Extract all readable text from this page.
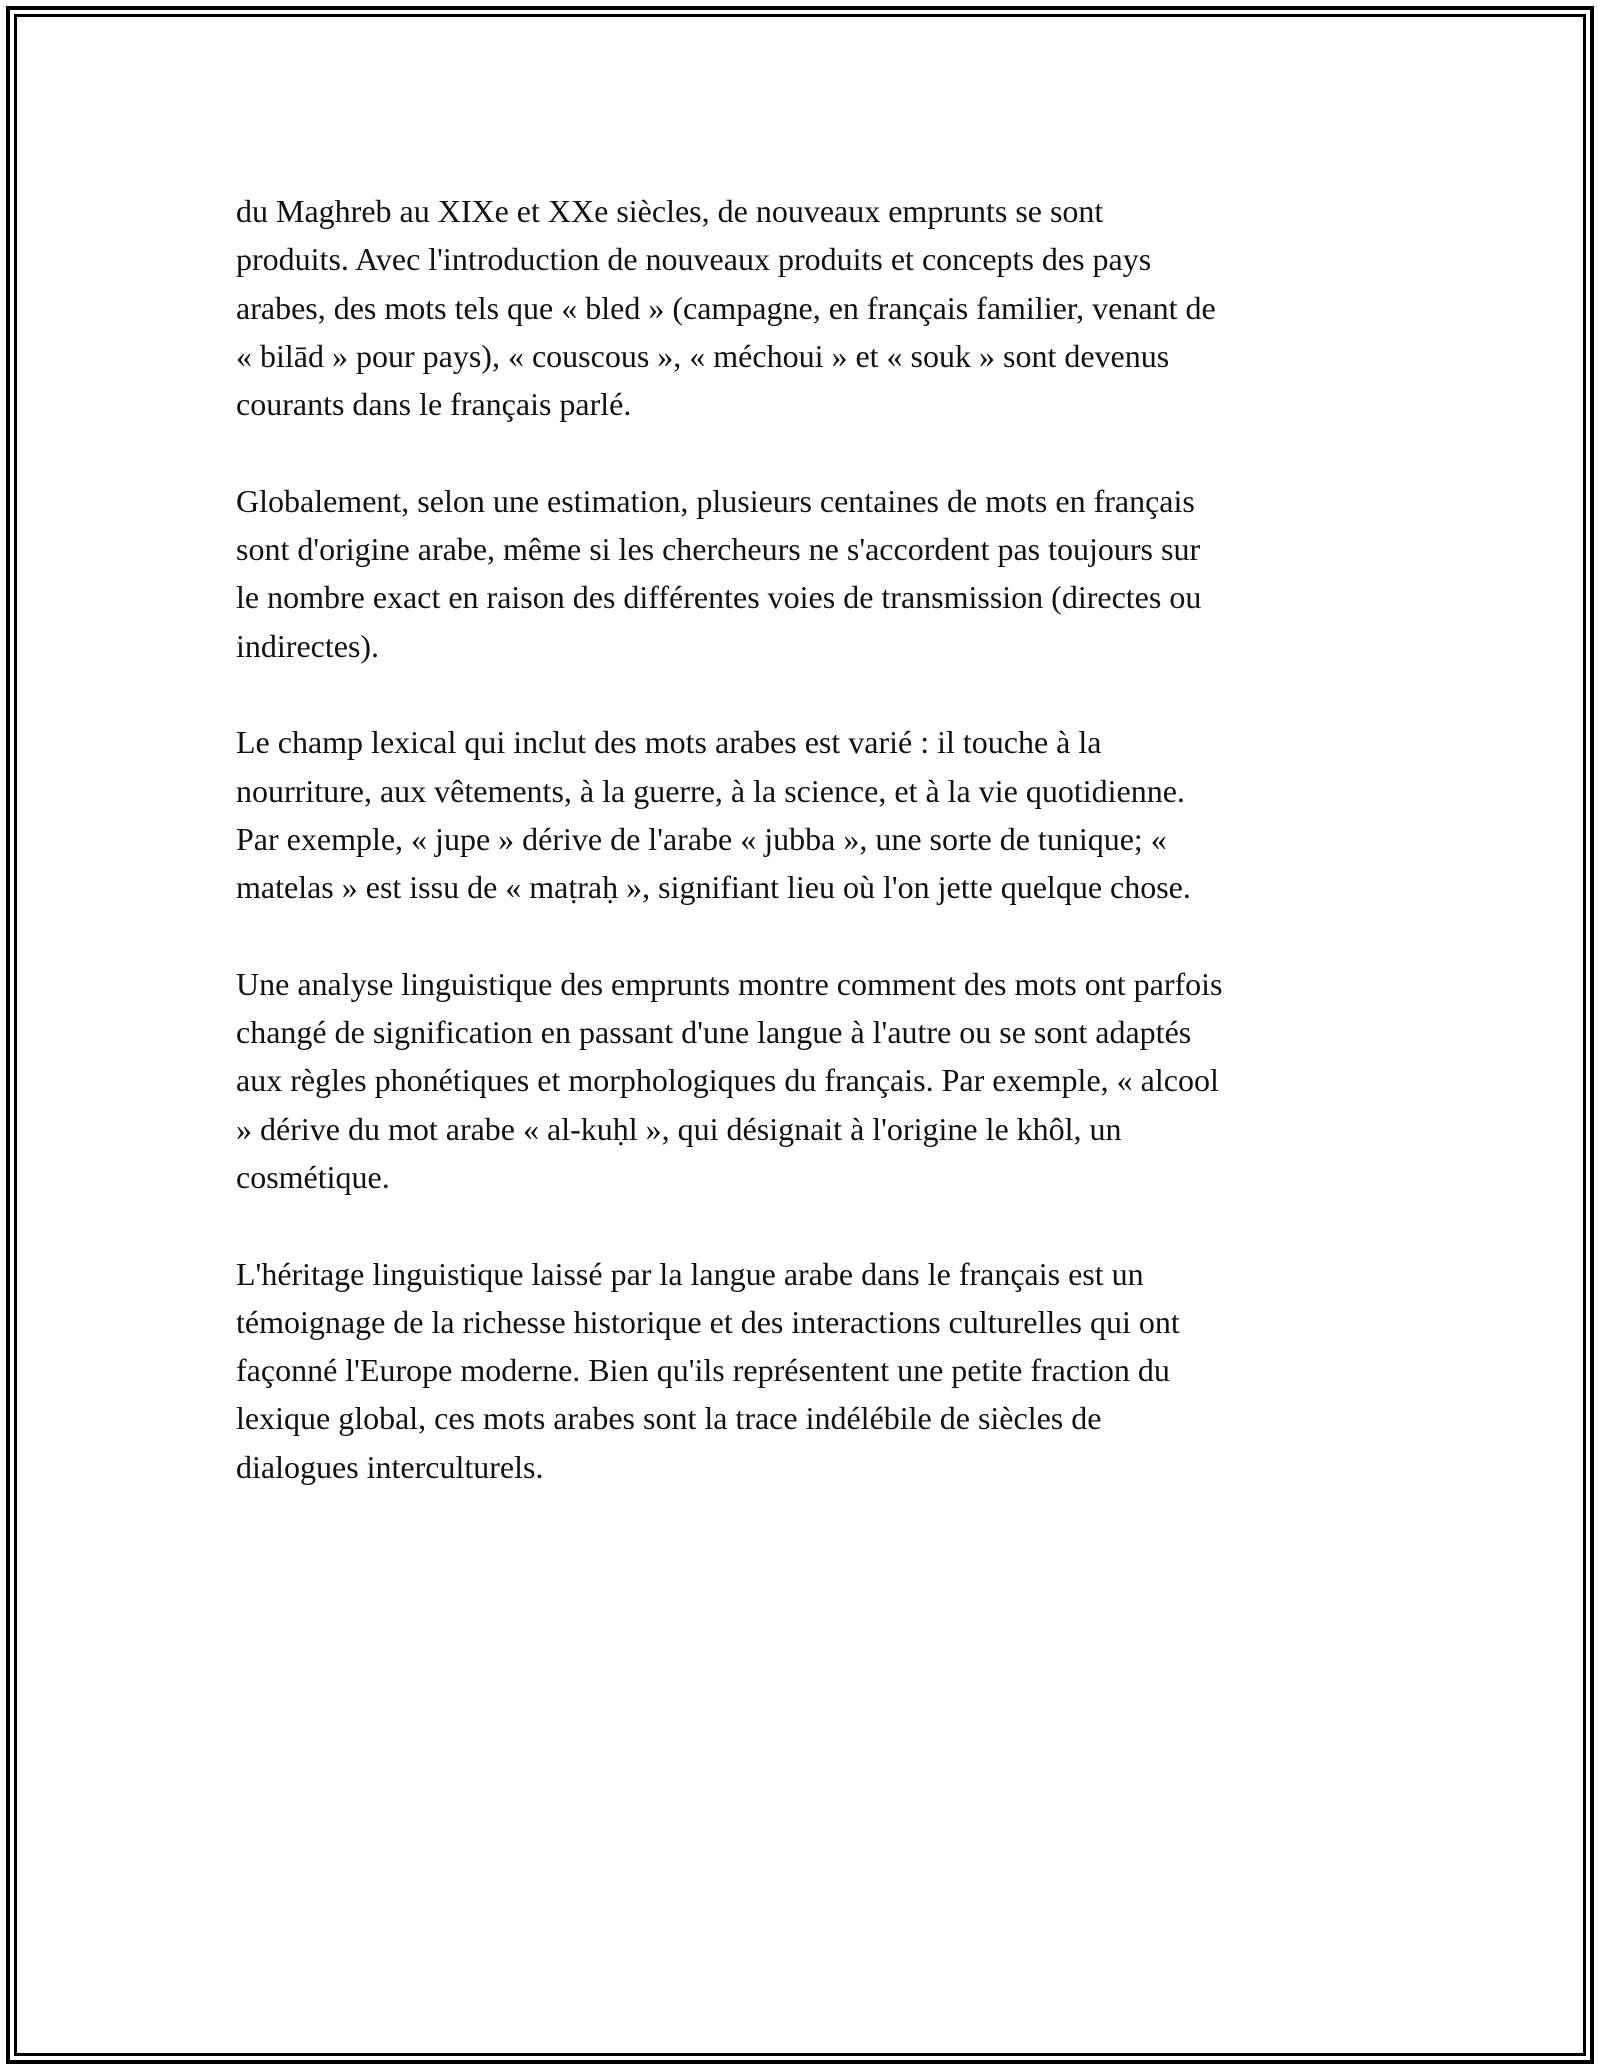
du Maghreb au XIXe et XXe siècles, de nouveaux emprunts se sont
produits. Avec l'introduction de nouveaux produits et concepts des pays
arabes, des mots tels que « bled » (campagne, en français familier, venant de
« bilād » pour pays), « couscous », « méchoui » et « souk » sont devenus
courants dans le français parlé.

Globalement, selon une estimation, plusieurs centaines de mots en français
sont d'origine arabe, même si les chercheurs ne s'accordent pas toujours sur
le nombre exact en raison des différentes voies de transmission (directes ou
indirectes).

Le champ lexical qui inclut des mots arabes est varié : il touche à la
nourriture, aux vêtements, à la guerre, à la science, et à la vie quotidienne.
Par exemple, « jupe » dérive de l'arabe « jubba », une sorte de tunique; «
matelas » est issu de « maṭraḥ », signifiant lieu où l'on jette quelque chose.

Une analyse linguistique des emprunts montre comment des mots ont parfois
changé de signification en passant d'une langue à l'autre ou se sont adaptés
aux règles phonétiques et morphologiques du français. Par exemple, « alcool
» dérive du mot arabe « al-kuḥl », qui désignait à l'origine le khôl, un
cosmétique.

L'héritage linguistique laissé par la langue arabe dans le français est un
témoignage de la richesse historique et des interactions culturelles qui ont
façonné l'Europe moderne. Bien qu'ils représentent une petite fraction du
lexique global, ces mots arabes sont la trace indélébile de siècles de
dialogues interculturels.
